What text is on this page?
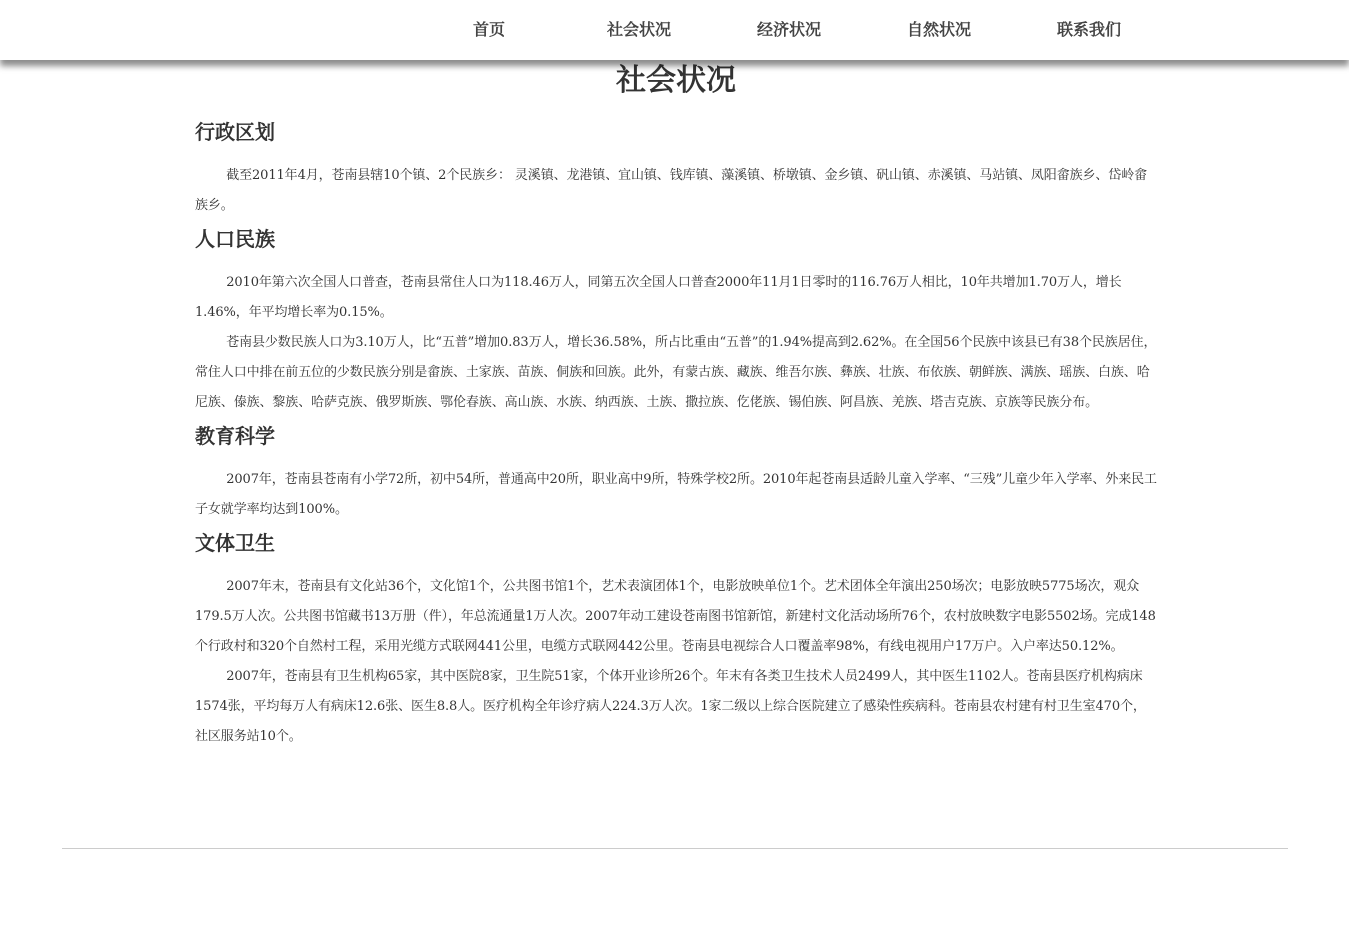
首页	社会状况	经济状况	自然状况	联系我们
社会状况
行政区划

截至2011年4月，苍南县辖10个镇、2个民族乡： 灵溪镇、龙港镇、宜山镇、钱库镇、藻溪镇、桥墩镇、金乡镇、矾山镇、赤溪镇、马站镇、凤阳畲族乡、岱岭畲族乡。

人口民族

2010年第六次全国人口普查，苍南县常住人口为118.46万人，同第五次全国人口普查2000年11月1日零时的116.76万人相比，10年共增加1.70万人，增长1.46%，年平均增长率为0.15%。

苍南县少数民族人口为3.10万人，比“五普”增加0.83万人，增长36.58%，所占比重由“五普”的1.94%提高到2.62%。在全国56个民族中该县已有38个民族居住，常住人口中排在前五位的少数民族分别是畲族、土家族、苗族、侗族和回族。此外，有蒙古族、藏族、维吾尔族、彝族、壮族、布依族、朝鲜族、满族、瑶族、白族、哈尼族、傣族、黎族、哈萨克族、俄罗斯族、鄂伦春族、高山族、水族、纳西族、土族、撒拉族、仡佬族、锡伯族、阿昌族、羌族、塔吉克族、京族等民族分布。

教育科学

2007年，苍南县苍南有小学72所，初中54所，普通高中20所，职业高中9所，特殊学校2所。2010年起苍南县适龄儿童入学率、“三残”儿童少年入学率、外来民工子女就学率均达到100%。

文体卫生

2007年末，苍南县有文化站36个，文化馆1个，公共图书馆1个，艺术表演团体1个，电影放映单位1个。艺术团体全年演出250场次；电影放映5775场次，观众179.5万人次。公共图书馆藏书13万册（件），年总流通量1万人次。2007年动工建设苍南图书馆新馆，新建村文化活动场所76个，农村放映数字电影5502场。完成148个行政村和320个自然村工程，采用光缆方式联网441公里，电缆方式联网442公里。苍南县电视综合人口覆盖率98%，有线电视用户17万户。入户率达50.12%。

2007年，苍南县有卫生机构65家，其中医院8家，卫生院51家，个体开业诊所26个。年末有各类卫生技术人员2499人，其中医生1102人。苍南县医疗机构病床1574张，平均每万人有病床12.6张、医生8.8人。医疗机构全年诊疗病人224.3万人次。1家二级以上综合医院建立了感染性疾病科。苍南县农村建有村卫生室470个，社区服务站10个。
